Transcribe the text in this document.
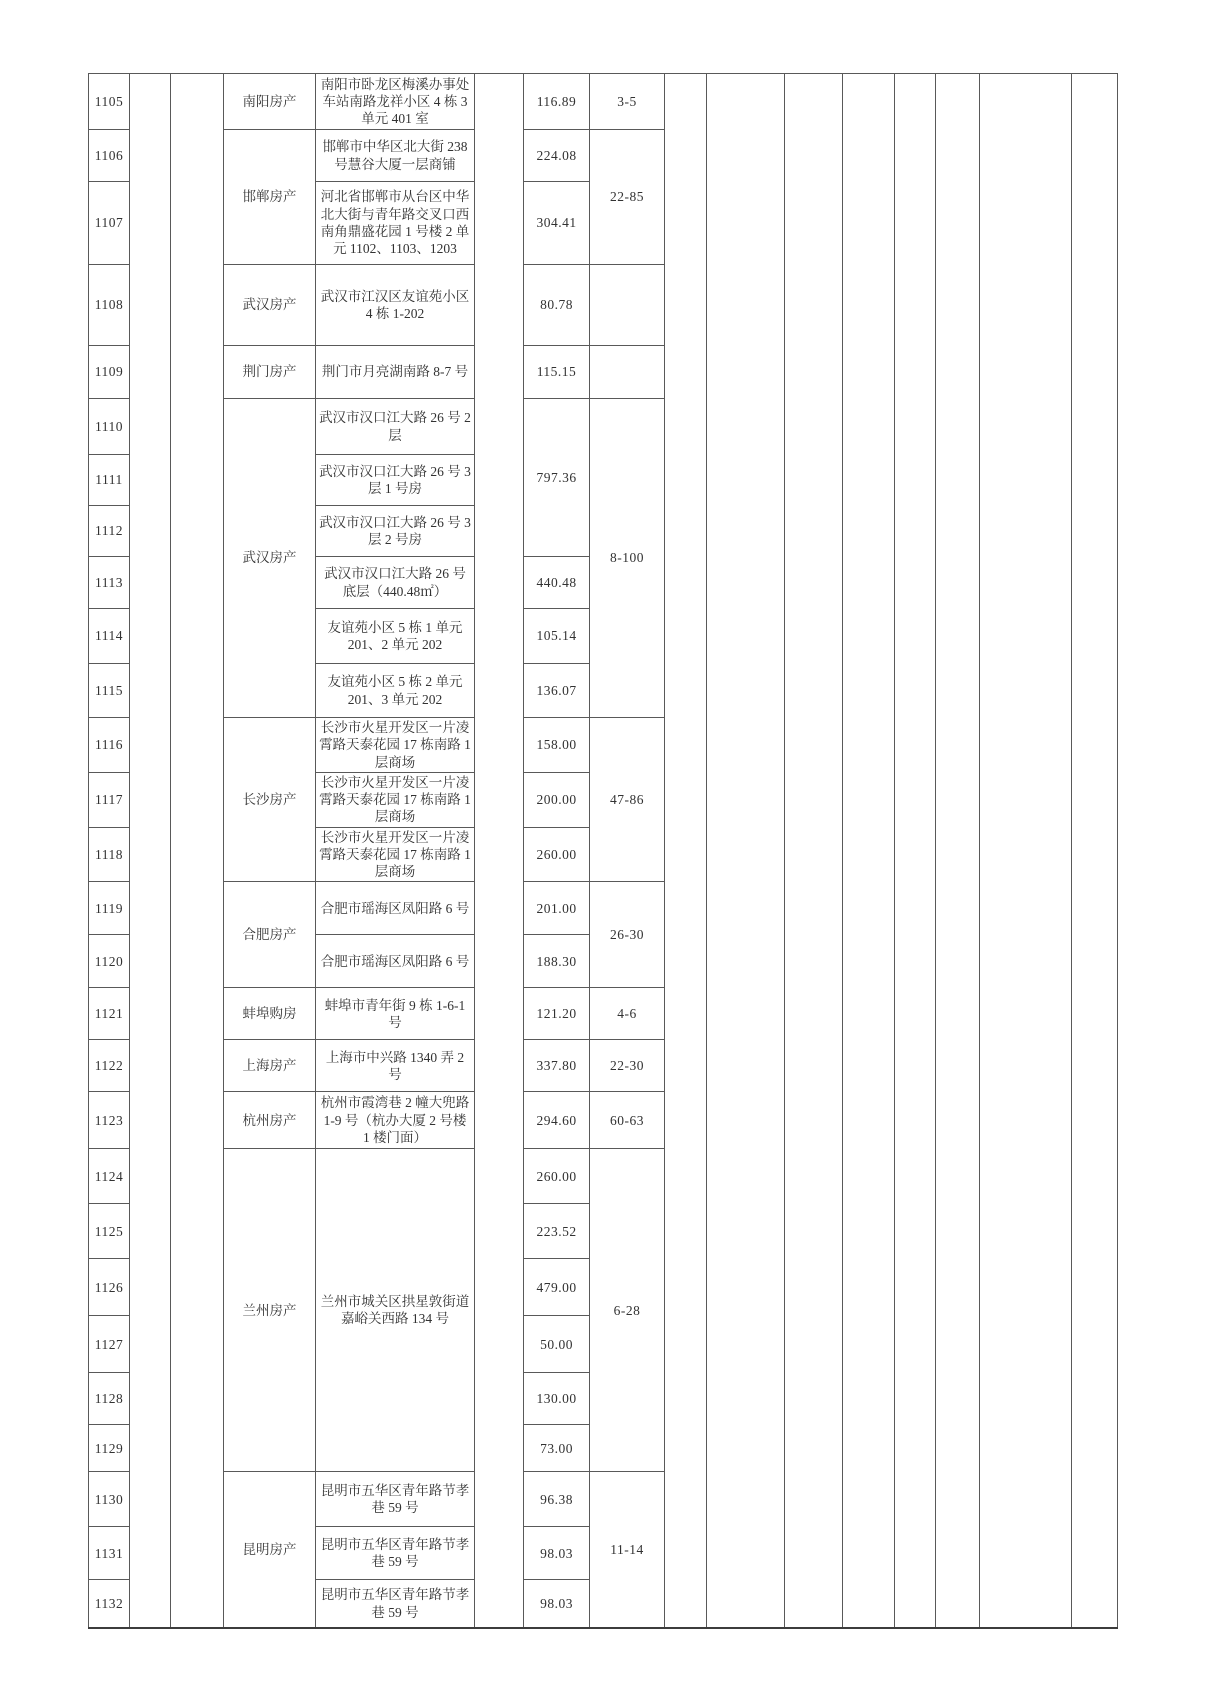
1105			南阳房产	南阳市卧龙区梅溪办事处车站南路龙祥小区 4 栋 3 单元 401 室		116.89	3-5								
1106			邯郸房产	邯郸市中华区北大街 238 号慧谷大厦一层商铺		224.08	22-85								
1107				河北省邯郸市从台区中华北大街与青年路交叉口西南角鼎盛花园 1 号楼 2 单元 1102、1103、1203		304.41									
1108			武汉房产	武汉市江汉区友谊苑小区 4 栋 1-202		80.78									
1109			荆门房产	荆门市月亮湖南路 8-7 号		115.15									
1110			武汉房产	武汉市汉口江大路 26 号 2 层		797.36	8-100								
1111				武汉市汉口江大路 26 号 3 层 1 号房											
1112				武汉市汉口江大路 26 号 3 层 2 号房											
1113				武汉市汉口江大路 26 号底层（440.48㎡）		440.48									
1114				友谊苑小区 5 栋 1 单元 201、2 单元 202		105.14									
1115				友谊苑小区 5 栋 2 单元 201、3 单元 202		136.07									
1116			长沙房产	长沙市火星开发区一片凌霄路天泰花园 17 栋南路 1 层商场		158.00	47-86								
1117				长沙市火星开发区一片凌霄路天泰花园 17 栋南路 1 层商场		200.00									
1118				长沙市火星开发区一片凌霄路天泰花园 17 栋南路 1 层商场		260.00									
1119			合肥房产	合肥市瑶海区凤阳路 6 号		201.00	26-30								
1120				合肥市瑶海区凤阳路 6 号		188.30									
1121			蚌埠购房	蚌埠市青年街 9 栋 1-6-1 号		121.20	4-6								
1122			上海房产	上海市中兴路 1340 弄 2 号		337.80	22-30								
1123			杭州房产	杭州市霞湾巷 2 幢大兜路 1-9 号（杭办大厦 2 号楼 1 楼门面）		294.60	60-63								
1124			兰州房产	兰州市城关区拱星敦街道嘉峪关西路 134 号		260.00	6-28								
1125						223.52									
1126						479.00									
1127						50.00									
1128						130.00									
1129						73.00									
1130			昆明房产	昆明市五华区青年路节孝巷 59 号		96.38	11-14								
1131				昆明市五华区青年路节孝巷 59 号		98.03									
1132				昆明市五华区青年路节孝巷 59 号		98.03									
